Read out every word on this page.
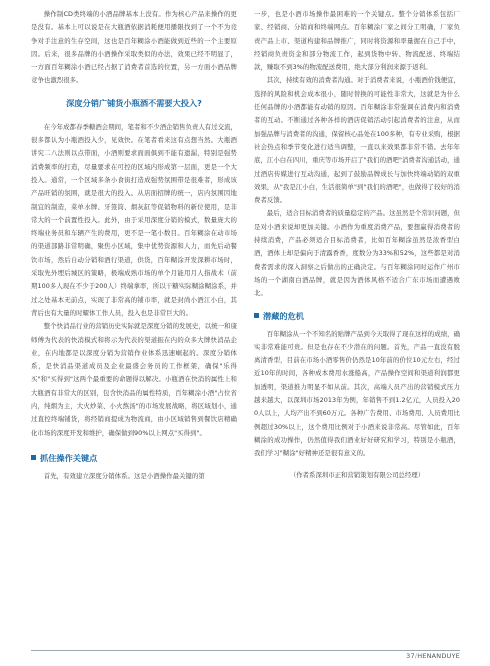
操作制CD类终端的小酒品牌基本上没有。作为核心产品来操作的更是没有。基本上可以说是在大瓶酒依据消耗便用播限找到了一个不为竞争对手注意的生存空间，这也是百年糊涂小酒能做到近些的一个主要原因。后来，很多品牌的小酒操作采取类似的办法，效果已经不明显了，一方面百年糊涂小酒已经占据了消费者首选的位置，另一方面小酒品牌竞争也激烈很多。

深度分销广铺货小瓶酒不需要大投入?

在今年成都春季糖酒会期间，笔者和不少酒企销售负责人有过交流，很多都认为小瓶酒投入少，见效快。在笔者看来这有点想当然。大瓶酒讲究二八法则以点带面，小酒则要求面面俱到不能有遗漏，特别是强势消费频率的打造，尽量要求在可控的区域内形成第一层面，更是一个大投入。通常，一个区域多条小食街打造成强势氛围带是很难者，形成该产品旺销的氛围，就是很大的投入。从店面招牌的统一，店内氛围因地制宜的制造，菜单水牌、牙签筒、烟灰缸等促销物料的新位使用，是非常大的一个前置性投入。此外，由于采用深度分销的模式，数量庞大的终端业务员和车辆产生的费用，更不是一笔小数目。百年糊涂在动市场的渠道部路非常明确，聚焦小区域，集中优势资源和人力，而先后动餐饮市场，然后自动分销和酒行渠道，供货，百年糊涂开发深耕市场时，采取先外埋后城区的策略，极端成熟市场的单个月能用月人指战术（前期100多人现在不少于200人）终端拿率，所以干糖实际糊涂糊涂系，并过之处基本无前点，实现了非常高的铺市率，就是封尚小酒江小白，其背后也有大量的时耀体工作人员，投入也是非常巨大的。

整个快消品行业的营销历史实际就是深度分销的发展史，以统一和康师傅为代表的快消模式和将示为代表的渠道振在内的众多大牌快消品企业，在内地都是以深度分销为营销作业体系迅速崛起的。深度分销体系，是快消品渠道成员及企业最盛会务员的工作框架，确保"乐得买"和"买得到"这两个最重要的命题得以解决。小瓶酒在快消的属性上和大瓶酒有非常大的区别，包含快消品的属性特质，百年糊涂小酒"占位省内，纯烟为主，大火炒菜、小火熬汤"的市场发展战略，将区域划小，通过直控终端铺货，将经销商提成为物流商，由小区域销售到餐饮店精确化市场的深度开发和维护，确保做到90%以上网点"买得到"。

抓住操作关键点

首先，有效建立深度分销体系。这是小酒操作最关键的第

一步，也是小酒市场操作最困难的一个关键点。整个分销体系包括厂家、经销商、分销商和终端网点。百年糊涂厂家之间分工明确，厂家负责产品上市、渠道构建和品牌推广，同时将资源和率量握在自己手中，经销商负责资金和部分物流工作，起到货物中转、物流配送、终端结款，赚取不到3%的物流配送费用，绝大部分利润来源于返利。

其次，持续有效的消费者沟通。对于消费者来说，小瓶酒价钱便宜，选择的风险和机会成本很小，随时替换的可能性非常大，这就是为什么任何品牌的小酒都能有动销的原因。百年糊涂非常强调在消费内和消费者的互动。不断通过各种各样的酒店促销活动引起消费者的注意，从而加强品牌与消费者的沟通，保留核心品处在100多种，有专业采购，根据社会热点和季节变化进行适当调整，一直以来效果都非常不错。去年年底，江小白在四川，重庆等市场开启了"我们的酒吧"消费者沟通活动，通过酒店传媒进行互动沟通，起到了鼓励品牌成长与加快终端动销的双重效果，从"我是江小白，生活很简单"到"我们的酒吧"，也做得了较好的消费者反馈。

最后，适合目标消费者的质量稳定的产品。这虽然是个常识问题，但是对小酒来说却更加关键。小酒作为重度消费产品，要想赢得消费者的持续消费，产品必须适合目标消费者，比如百年糊涂虽然是浓香型白酒，酒体上却是偏向于清露香香，度数分为33%和52%，这些都是对消费者需求的深入洞察之后做出的正确决定。与百年糊涂同时运作广州市场的一个湖南白酒品牌，就是因为酒体风格不适合广东市场而遭遇败北。

潜藏的危机

百年糊涂从一个不知名的贴牌产品到今天取得了现在这样的成绩，确实非常难能可贵。但是也存在不少潜在的问题。首先，产品一直没有脱离清香型，目前在市场小酒零售价仍然是10年前的价位10元左右，经过近10年的时间，各种成本费用水涨船高，产品操作空间和渠道利润都更加透明，渠道推力明显不如从前。其次，高端人员产出的营销模式压力越来越大，以深圳市场2013年为例，年销售不到1.2亿元，人员投入200人以上，人均产出不到60万元。各种广告费用、市场费用、人员费用比例超过30%以上，这个费用比例对于小酒来说非常高。尽管如此，百年糊涂的成功操作，仍然值得我们酒业好好研究和学习，特别是小瓶酒，我们学习"糊涂"好精神还是很有意义的。

（作者系深圳市正和营销策划有限公司总经理）

37/HENANDUYE
